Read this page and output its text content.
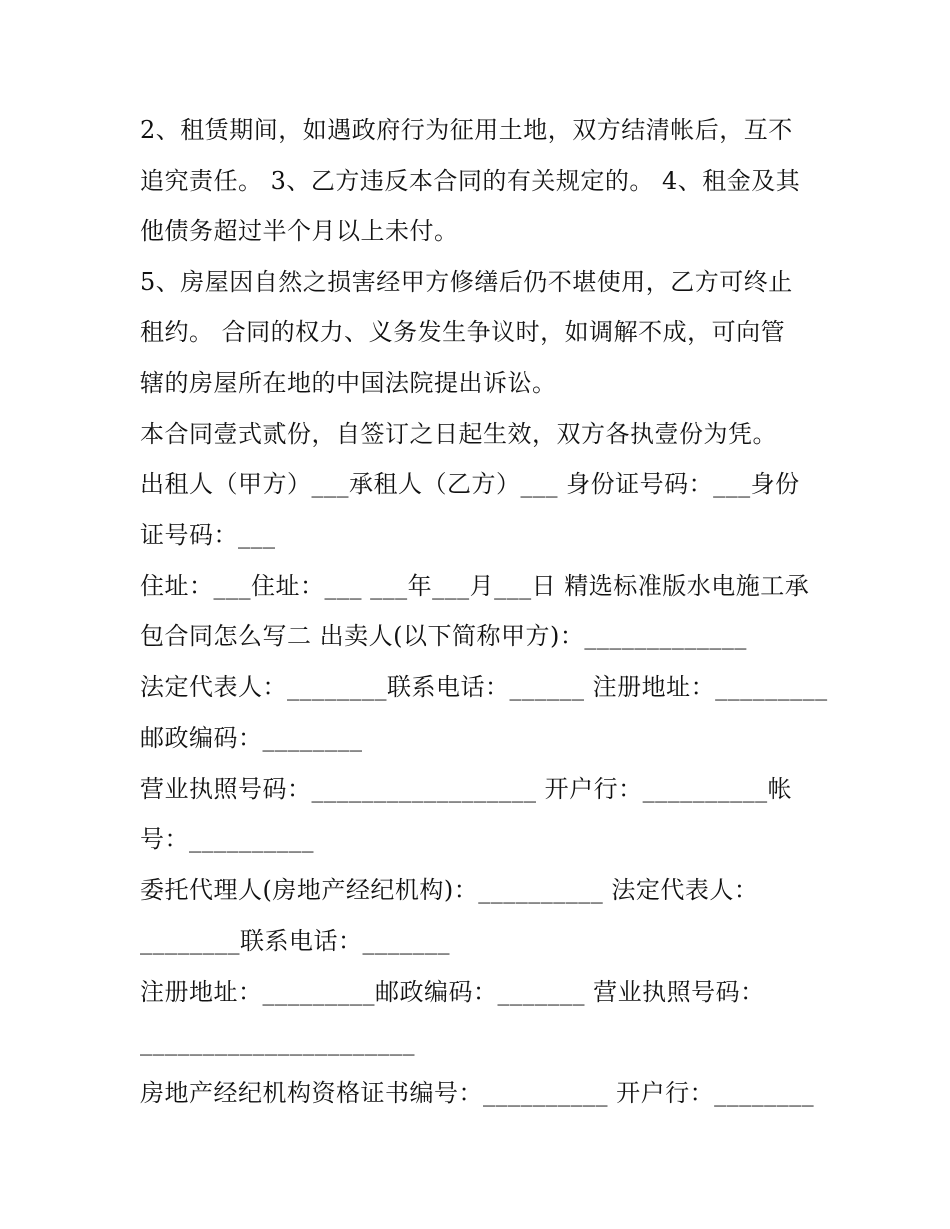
2、租赁期间，如遇政府行为征用土地，双方结清帐后，互不
追究责任。 3、乙方违反本合同的有关规定的。 4、租金及其
他债务超过半个月以上未付。
5、房屋因自然之损害经甲方修缮后仍不堪使用，乙方可终止
租约。 合同的权力、义务发生争议时，如调解不成，可向管
辖的房屋所在地的中国法院提出诉讼。
本合同壹式贰份，自签订之日起生效，双方各执壹份为凭。
出租人（甲方）___承租人（乙方）___ 身份证号码：___身份
证号码：___
住址：___住址：___ ___年___月___日 精选标准版水电施工承
包合同怎么写二 出卖人(以下简称甲方)：_____________
法定代表人：________联系电话：______ 注册地址：_________
邮政编码：________
营业执照号码：__________________ 开户行：__________帐
号：__________
委托代理人(房地产经纪机构)：__________ 法定代表人：
________联系电话：_______
注册地址：_________邮政编码：_______ 营业执照号码：
______________________
房地产经纪机构资格证书编号：__________ 开户行：________
